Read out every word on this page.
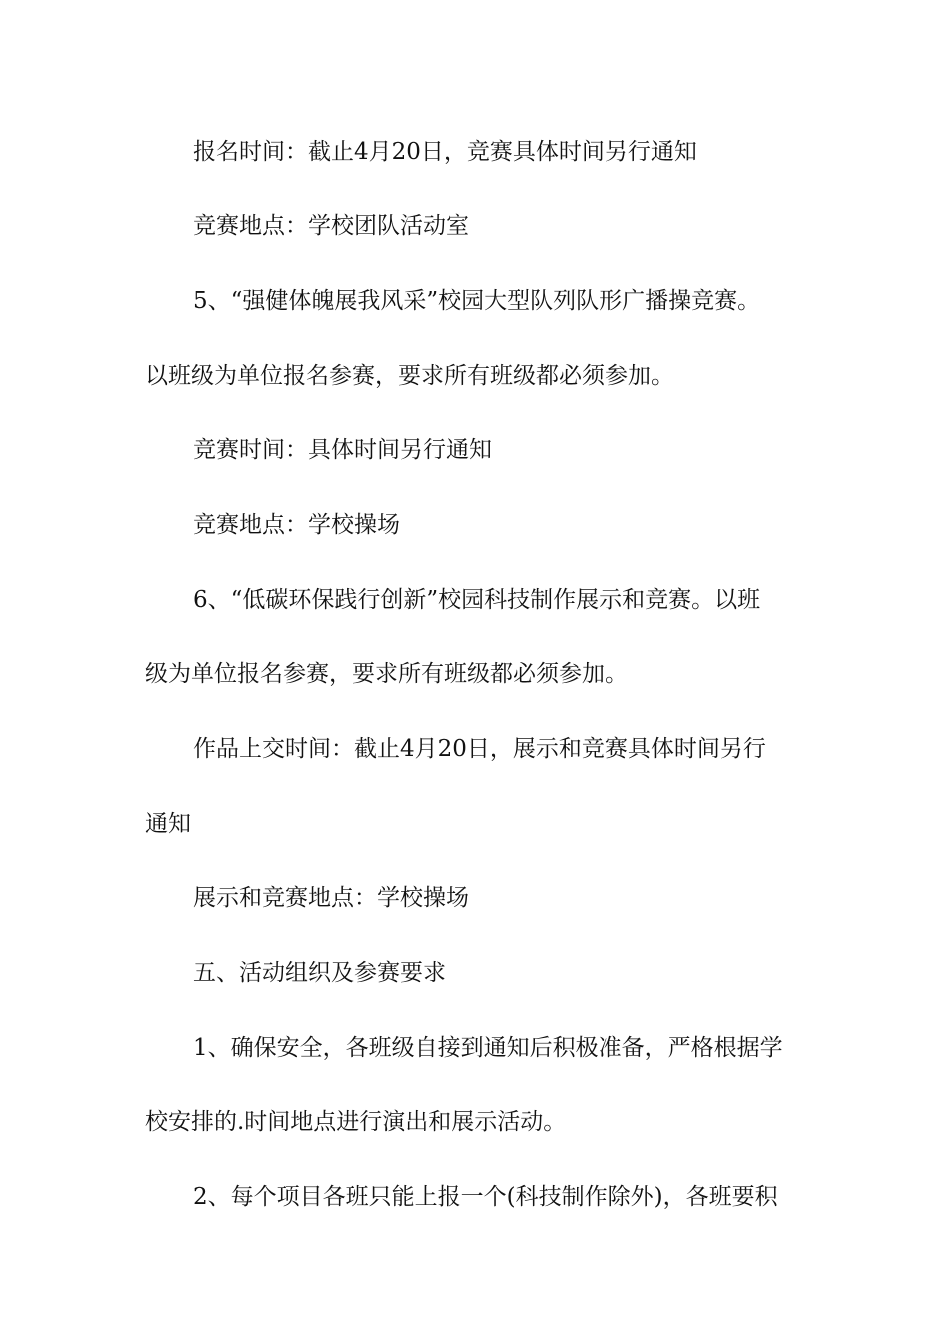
报名时间：截止4月20日，竞赛具体时间另行通知
竞赛地点：学校团队活动室
5、“强健体魄展我风采”校园大型队列队形广播操竞赛。
以班级为单位报名参赛，要求所有班级都必须参加。
竞赛时间：具体时间另行通知
竞赛地点：学校操场
6、“低碳环保践行创新”校园科技制作展示和竞赛。以班
级为单位报名参赛，要求所有班级都必须参加。
作品上交时间：截止4月20日，展示和竞赛具体时间另行
通知
展示和竞赛地点：学校操场
五、活动组织及参赛要求
1、确保安全，各班级自接到通知后积极准备，严格根据学
校安排的.时间地点进行演出和展示活动。
2、每个项目各班只能上报一个(科技制作除外)，各班要积
